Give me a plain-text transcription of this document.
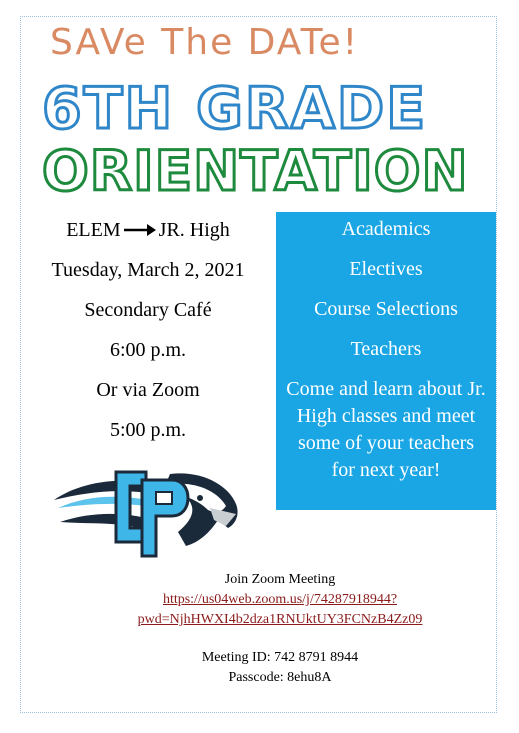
SAVe The DATe!
6TH GRADE
ORIENTATION
ELEM JR. High
Tuesday, March 2, 2021
Secondary Café
6:00 p.m.
Or via Zoom
5:00 p.m.
Academics
Electives
Course Selections
Teachers
Come and learn about Jr. High classes and meet some of your teachers for next year!
Join Zoom Meeting
https://us04web.zoom.us/j/74287918944?
pwd=NjhHWXI4b2dza1RNUktUY3FCNzB4Zz09
Meeting ID: 742 8791 8944
Passcode: 8ehu8A
